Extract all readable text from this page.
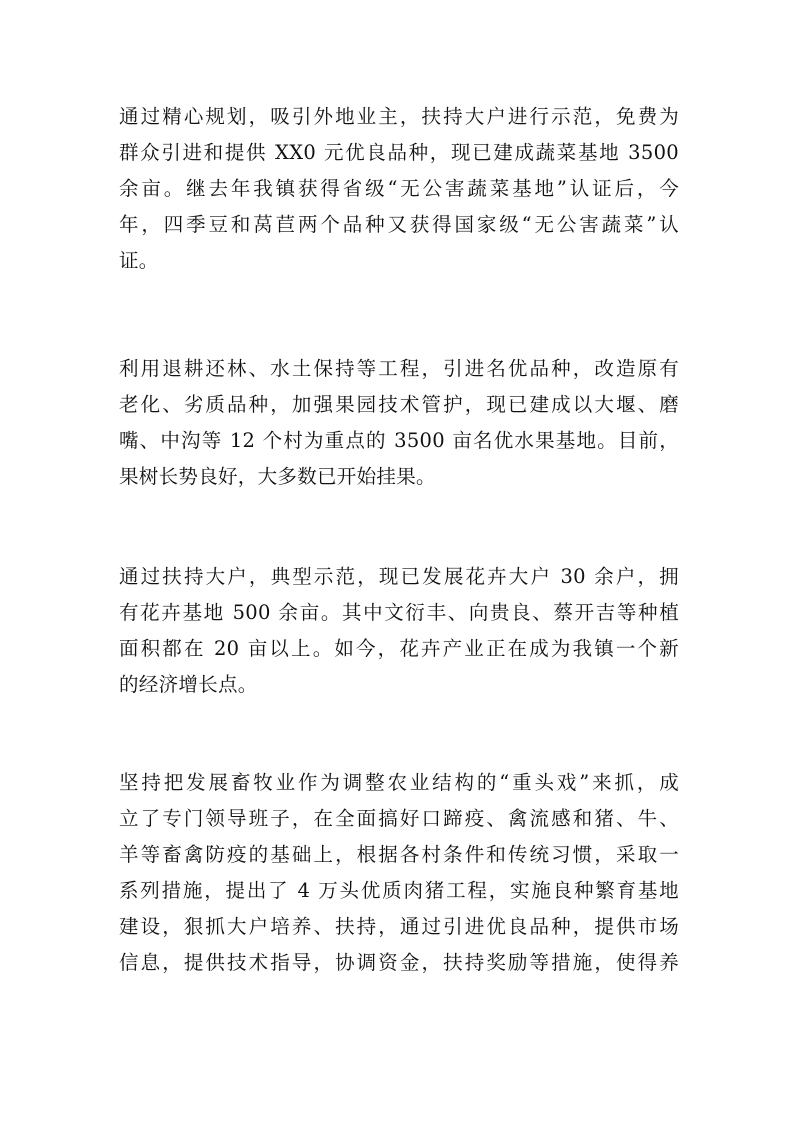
通过精心规划，吸引外地业主，扶持大户进行示范，免费为
群众引进和提供 XX0 元优良品种，现已建成蔬菜基地 3500
余亩。继去年我镇获得省级“无公害蔬菜基地”认证后，今
年，四季豆和莴苣两个品种又获得国家级“无公害蔬菜”认
证。
利用退耕还林、水土保持等工程，引进名优品种，改造原有
老化、劣质品种，加强果园技术管护，现已建成以大堰、磨
嘴、中沟等 12 个村为重点的 3500 亩名优水果基地。目前，
果树长势良好，大多数已开始挂果。
通过扶持大户，典型示范，现已发展花卉大户 30 余户，拥
有花卉基地 500 余亩。其中文衍丰、向贵良、蔡开吉等种植
面积都在 20 亩以上。如今，花卉产业正在成为我镇一个新
的经济增长点。
坚持把发展畜牧业作为调整农业结构的“重头戏”来抓，成
立了专门领导班子，在全面搞好口蹄疫、禽流感和猪、牛、
羊等畜禽防疫的基础上，根据各村条件和传统习惯，采取一
系列措施，提出了 4 万头优质肉猪工程，实施良种繁育基地
建设，狠抓大户培养、扶持，通过引进优良品种，提供市场
信息，提供技术指导，协调资金，扶持奖励等措施，使得养
